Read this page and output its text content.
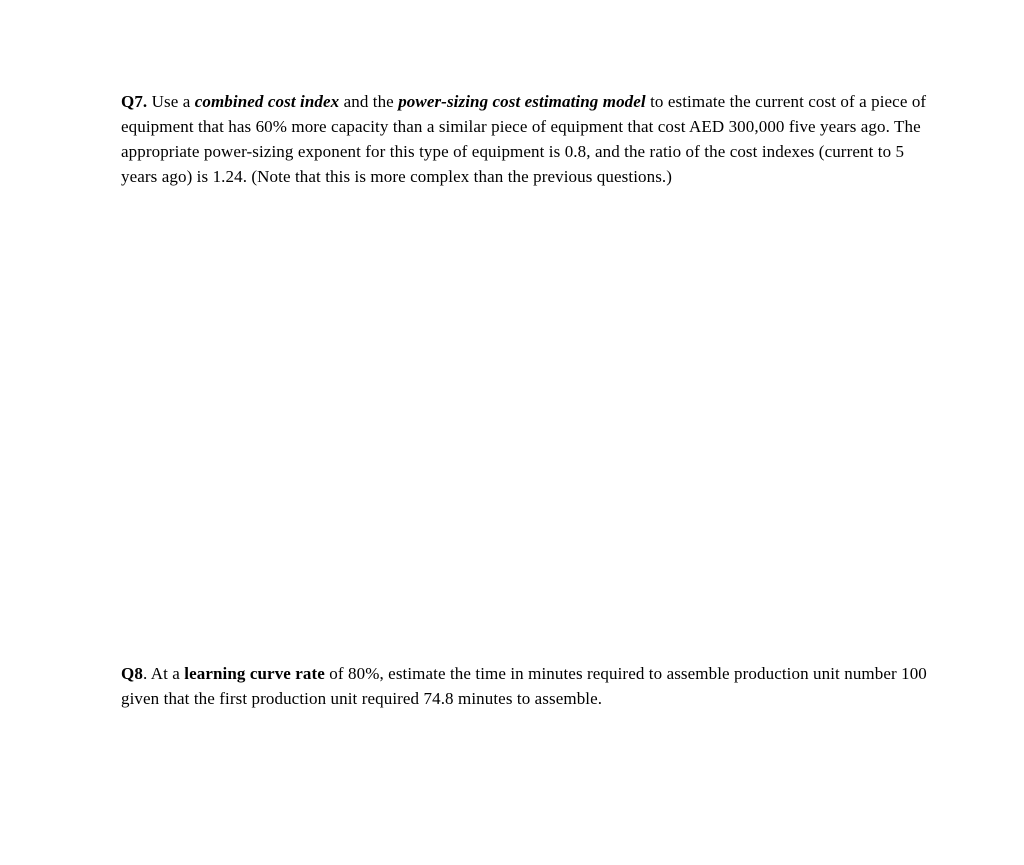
Q7. Use a combined cost index and the power-sizing cost estimating model to estimate the current cost of a piece of equipment that has 60% more capacity than a similar piece of equipment that cost AED 300,000 five years ago. The appropriate power-sizing exponent for this type of equipment is 0.8, and the ratio of the cost indexes (current to 5 years ago) is 1.24. (Note that this is more complex than the previous questions.)

Q8. At a learning curve rate of 80%, estimate the time in minutes required to assemble production unit number 100 given that the first production unit required 74.8 minutes to assemble.
